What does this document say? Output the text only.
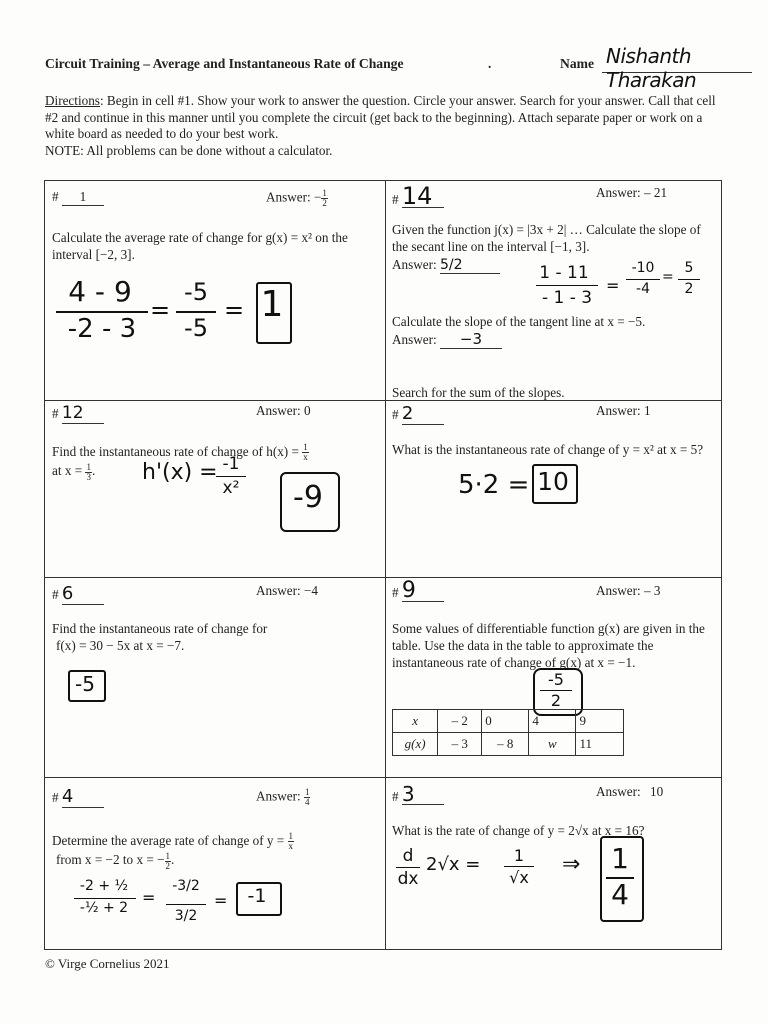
Circuit Training – Average and Instantaneous Rate of Change	.	Name Nishanth Tharakan
Directions: Begin in cell #1. Show your work to answer the question. Circle your answer. Search for your answer. Call that cell #2 and continue in this manner until you complete the circuit (get back to the beginning). Attach separate paper or work on a white board as needed to do your best work.
NOTE: All problems can be done without a calculator.
# 1	Answer: − $\frac{1}{2}$
Calculate the average rate of change for g(x) = x² on the interval [−2, 3].
4 - 9
-2 - 3
=
-5
-5
= 1
# 14	Answer: – 21
Given the function j(x) = |3x + 2| … Calculate the slope of the secant line on the interval [−1, 3].
Answer: 5/2	1 - 11
- 1 - 3
=
-10
-4
=
5
2
Calculate the slope of the tangent line at x = −5.
Answer: −3
Search for the sum of the slopes.
# 12	Answer: 0
Find the instantaneous rate of change of $h(x) = \frac{1}{x}$

at $x = \frac{1}{3}$ .	h'(x) = -1
x²	-9
# 2	Answer: 1
What is the instantaneous rate of change of y = x² at x = 5?
5·2 = 10
# 6	Answer: −4
Find the instantaneous rate of change for
f(x) = 30 − 5x at x = −7.
-5
# 9	Answer: – 3
Some values of differentiable function g(x) are given in the table. Use the data in the table to approximate the instantaneous rate of change of g(x) at x = −1.
-5
2
x	– 2	0	4	9
g(x)	– 3	– 8	w	11
# 4	Answer: $\frac{1}{4}$
Determine the average rate of change of $y = \frac{1}{x}$

from x = −2 to x = − $\frac{1}{2}$ .
-2 + ½
-½ + 2
=
-3/2
3/2
=	-1
# 3	Answer: 10
What is the rate of change of y = 2√x at x = 16?
d
dx
2√x =	1
√x
⇒	1
4
© Virge Cornelius 2021
